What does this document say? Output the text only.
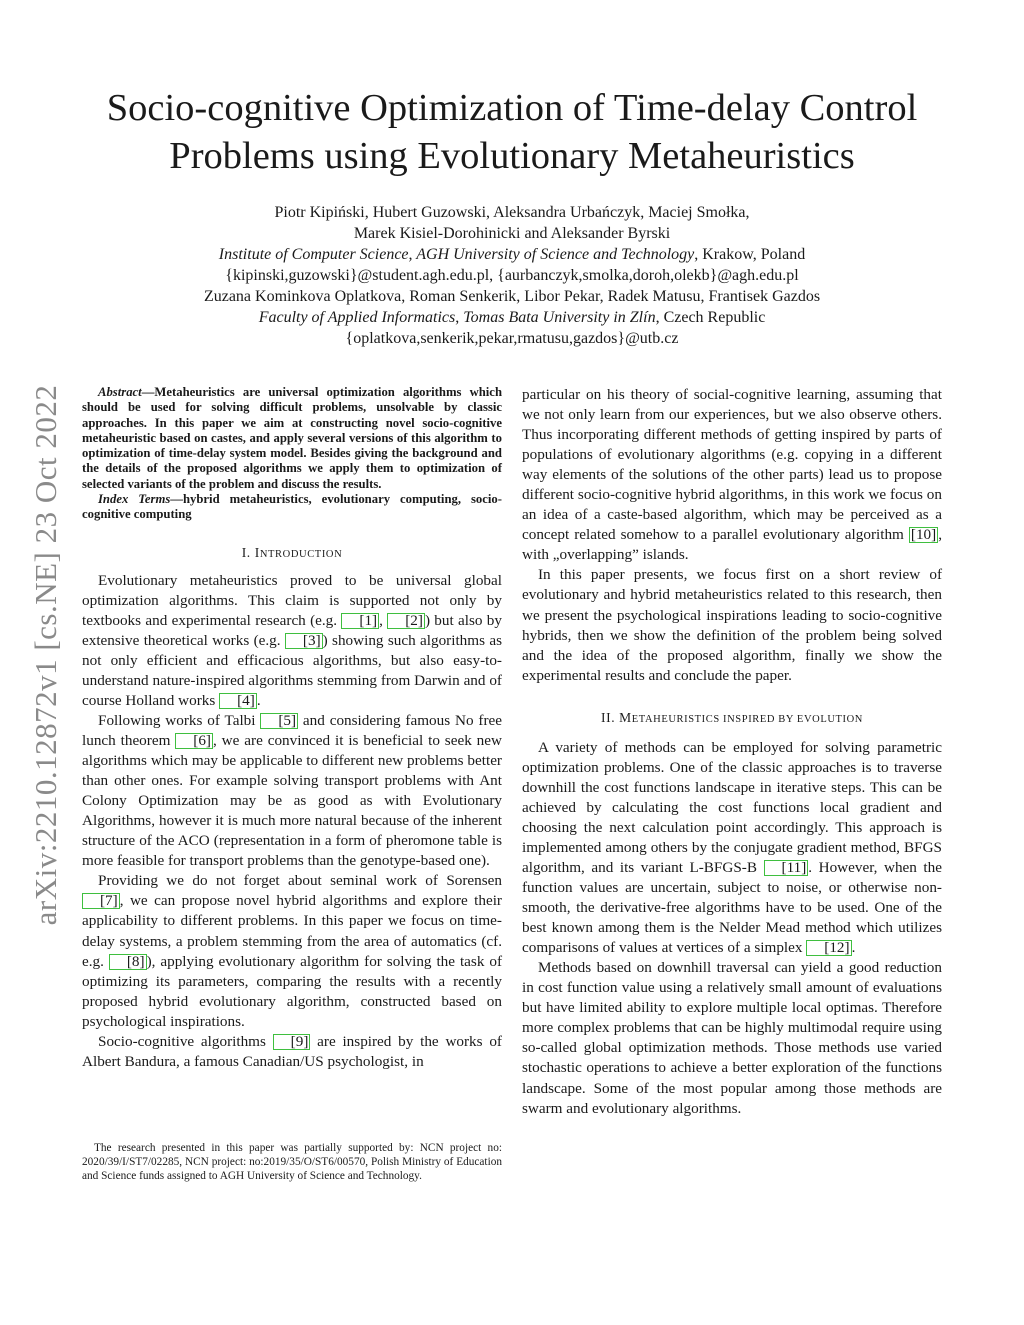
arXiv:2210.12872v1 [cs.NE] 23 Oct 2022
Socio-cognitive Optimization of Time-delay Control
Problems using Evolutionary Metaheuristics
Piotr Kipiński, Hubert Guzowski, Aleksandra Urbańczyk, Maciej Smołka,
Marek Kisiel-Dorohinicki and Aleksander Byrski
Institute of Computer Science, AGH University of Science and Technology, Krakow, Poland
{kipinski,guzowski}@student.agh.edu.pl, {aurbanczyk,smolka,doroh,olekb}@agh.edu.pl
Zuzana Kominkova Oplatkova, Roman Senkerik, Libor Pekar, Radek Matusu, Frantisek Gazdos
Faculty of Applied Informatics, Tomas Bata University in Zlín, Czech Republic
{oplatkova,senkerik,pekar,rmatusu,gazdos}@utb.cz

Abstract—Metaheuristics are universal optimization algorithms which should be used for solving difficult problems, unsolvable by classic approaches. In this paper we aim at constructing novel socio-cognitive metaheuristic based on castes, and apply several versions of this algorithm to optimization of time-delay system model. Besides giving the background and the details of the proposed algorithms we apply them to optimization of selected variants of the problem and discuss the results.

Index Terms—hybrid metaheuristics, evolutionary computing, socio-cognitive computing

I. INTRODUCTION

Evolutionary metaheuristics proved to be universal global optimization algorithms. This claim is supported not only by textbooks and experimental research (e.g. [1] , [2] ) but also by extensive theoretical works (e.g. [3] ) showing such algorithms as not only efficient and efficacious algorithms, but also easy-to-understand nature-inspired algorithms stemming from Darwin and of course Holland works [4] .

Following works of Talbi [5] and considering famous No free lunch theorem [6] , we are convinced it is beneficial to seek new algorithms which may be applicable to different new problems better than other ones. For example solving transport problems with Ant Colony Optimization may be as good as with Evolutionary Algorithms, however it is much more natural because of the inherent structure of the ACO (representation in a form of pheromone table is more feasible for transport problems than the genotype-based one).

Providing we do not forget about seminal work of Sorensen [7] , we can propose novel hybrid algorithms and explore their applicability to different problems. In this paper we focus on time-delay systems, a problem stemming from the area of automatics (cf. e.g. [8] ), applying evolutionary algorithm for solving the task of optimizing its parameters, comparing the results with a recently proposed hybrid evolutionary algorithm, constructed based on psychological inspirations.

Socio-cognitive algorithms [9] are inspired by the works of Albert Bandura, a famous Canadian/US psychologist, in

The research presented in this paper was partially supported by: NCN project no: 2020/39/I/ST7/02285, NCN project: no:2019/35/O/ST6/00570, Polish Ministry of Education and Science funds assigned to AGH University of Science and Technology.

particular on his theory of social-cognitive learning, assuming that we not only learn from our experiences, but we also observe others. Thus incorporating different methods of getting inspired by parts of populations of evolutionary algorithms (e.g. copying in a different way elements of the solutions of the other parts) lead us to propose different socio-cognitive hybrid algorithms, in this work we focus on an idea of a caste-based algorithm, which may be perceived as a concept related somehow to a parallel evolutionary algorithm [10] , with „overlapping” islands.

In this paper presents, we focus first on a short review of evolutionary and hybrid metaheuristics related to this research, then we present the psychological inspirations leading to socio-cognitive hybrids, then we show the definition of the problem being solved and the idea of the proposed algorithm, finally we show the experimental results and conclude the paper.

II. METAHEURISTICS INSPIRED BY EVOLUTION

A variety of methods can be employed for solving parametric optimization problems. One of the classic approaches is to traverse downhill the cost functions landscape in iterative steps. This can be achieved by calculating the cost functions local gradient and choosing the next calculation point accordingly. This approach is implemented among others by the conjugate gradient method, BFGS algorithm, and its variant L-BFGS-B [11] . However, when the function values are uncertain, subject to noise, or otherwise non-smooth, the derivative-free algorithms have to be used. One of the best known among them is the Nelder Mead method which utilizes comparisons of values at vertices of a simplex [12] .

Methods based on downhill traversal can yield a good reduction in cost function value using a relatively small amount of evaluations but have limited ability to explore multiple local optimas. Therefore more complex problems that can be highly multimodal require using so-called global optimization methods. Those methods use varied stochastic operations to achieve a better exploration of the functions landscape. Some of the most popular among those methods are swarm and evolutionary algorithms.
